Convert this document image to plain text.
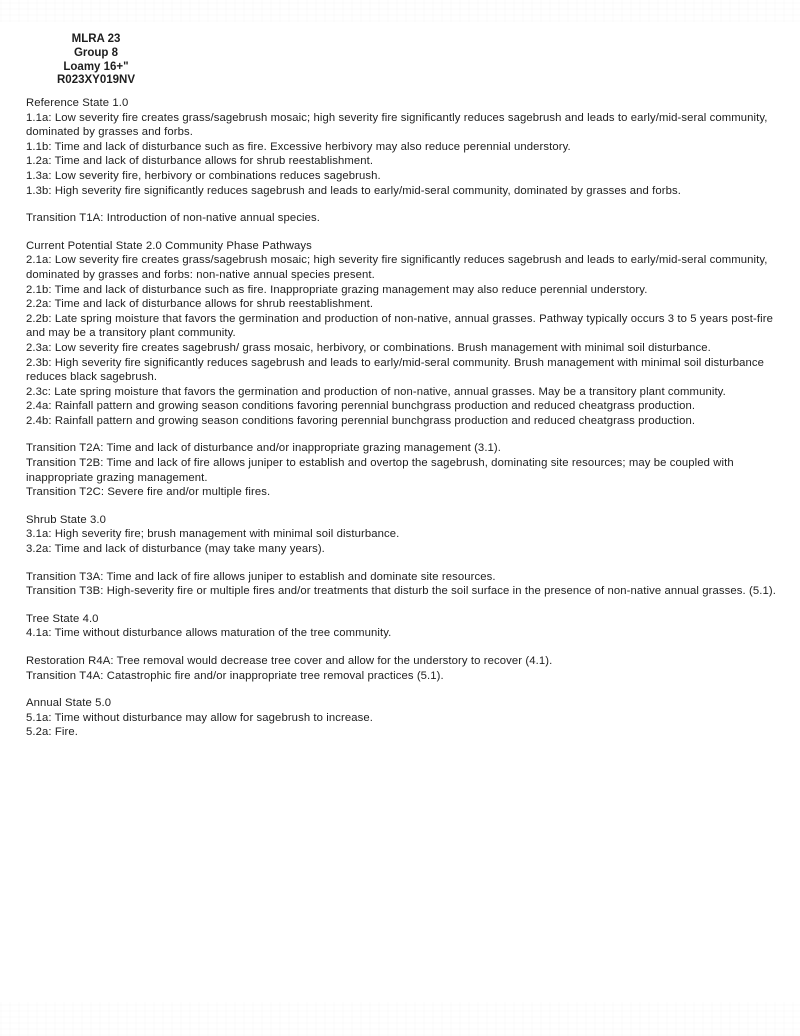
MLRA 23
Group 8
Loamy 16+"
R023XY019NV
Reference State 1.0
1.1a: Low severity fire creates grass/sagebrush mosaic; high severity fire significantly reduces sagebrush and leads to early/mid-seral community, dominated by grasses and forbs.
1.1b: Time and lack of disturbance such as fire. Excessive herbivory may also reduce perennial understory.
1.2a: Time and lack of disturbance allows for shrub reestablishment.
1.3a: Low severity fire, herbivory or combinations reduces sagebrush.
1.3b: High severity fire significantly reduces sagebrush and leads to early/mid-seral community, dominated by grasses and forbs.
Transition T1A: Introduction of non-native annual species.
Current Potential State 2.0 Community Phase Pathways
2.1a: Low severity fire creates grass/sagebrush mosaic; high severity fire significantly reduces sagebrush and leads to early/mid-seral community, dominated by grasses and forbs: non-native annual species present.
2.1b: Time and lack of disturbance such as fire. Inappropriate grazing management may also reduce perennial understory.
2.2a: Time and lack of disturbance allows for shrub reestablishment.
2.2b: Late spring moisture that favors the germination and production of non-native, annual grasses. Pathway typically occurs 3 to 5 years post-fire and may be a transitory plant community.
2.3a: Low severity fire creates sagebrush/ grass mosaic, herbivory, or combinations. Brush management with minimal soil disturbance.
2.3b: High severity fire significantly reduces sagebrush and leads to early/mid-seral community. Brush management with minimal soil disturbance reduces black sagebrush.
2.3c: Late spring moisture that favors the germination and production of non-native, annual grasses. May be a transitory plant community.
2.4a: Rainfall pattern and growing season conditions favoring perennial bunchgrass production and reduced cheatgrass production.
2.4b: Rainfall pattern and growing season conditions favoring perennial bunchgrass production and reduced cheatgrass production.
Transition T2A: Time and lack of disturbance and/or inappropriate grazing management (3.1).
Transition T2B: Time and lack of fire allows juniper to establish and overtop the sagebrush, dominating site resources; may be coupled with inappropriate grazing management.
Transition T2C: Severe fire and/or multiple fires.
Shrub State 3.0
3.1a: High severity fire; brush management with minimal soil disturbance.
3.2a: Time and lack of disturbance (may take many years).
Transition T3A: Time and lack of fire allows juniper to establish and dominate site resources.
Transition T3B: High-severity fire or multiple fires and/or treatments that disturb the soil surface in the presence of non-native annual grasses. (5.1).
Tree State 4.0
4.1a: Time without disturbance allows maturation of the tree community.
Restoration R4A: Tree removal would decrease tree cover and allow for the understory to recover (4.1).
Transition T4A: Catastrophic fire and/or inappropriate tree removal practices (5.1).
Annual State 5.0
5.1a: Time without disturbance may allow for sagebrush to increase.
5.2a: Fire.
